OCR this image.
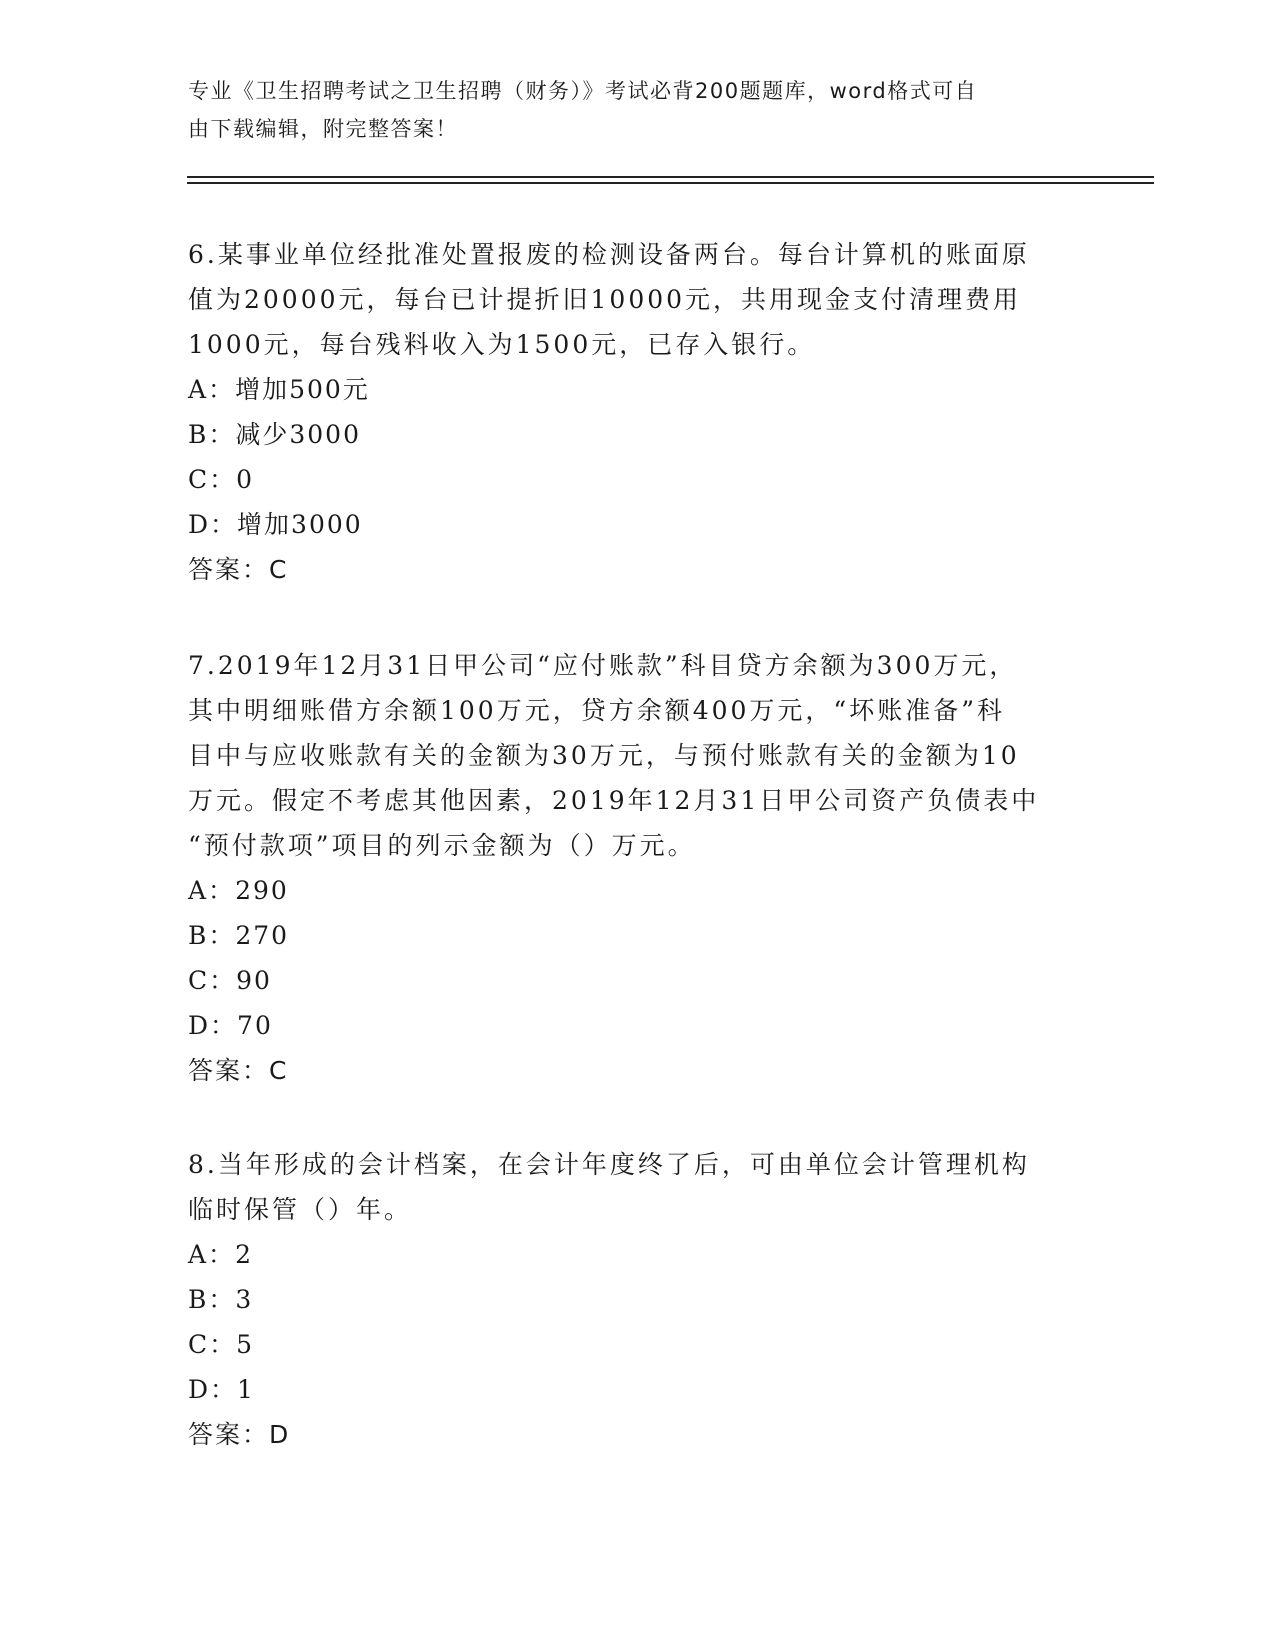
专业《卫生招聘考试之卫生招聘（财务）》考试必背200题题库，word格式可自
由下载编辑，附完整答案！

6.某事业单位经批准处置报废的检测设备两台。每台计算机的账面原

值为20000元，每台已计提折旧10000元，共用现金支付清理费用

1000元，每台残料收入为1500元，已存入银行。

A：增加500元

B：减少3000

C：0

D：增加3000

答案：C

7.2019年12月31日甲公司“应付账款”科目贷方余额为300万元，

其中明细账借方余额100万元，贷方余额400万元，“坏账准备”科

目中与应收账款有关的金额为30万元，与预付账款有关的金额为10

万元。假定不考虑其他因素，2019年12月31日甲公司资产负债表中

“预付款项”项目的列示金额为（）万元。

A：290

B：270

C：90

D：70

答案：C

8.当年形成的会计档案，在会计年度终了后，可由单位会计管理机构

临时保管（）年。

A：2

B：3

C：5

D：1

答案：D
